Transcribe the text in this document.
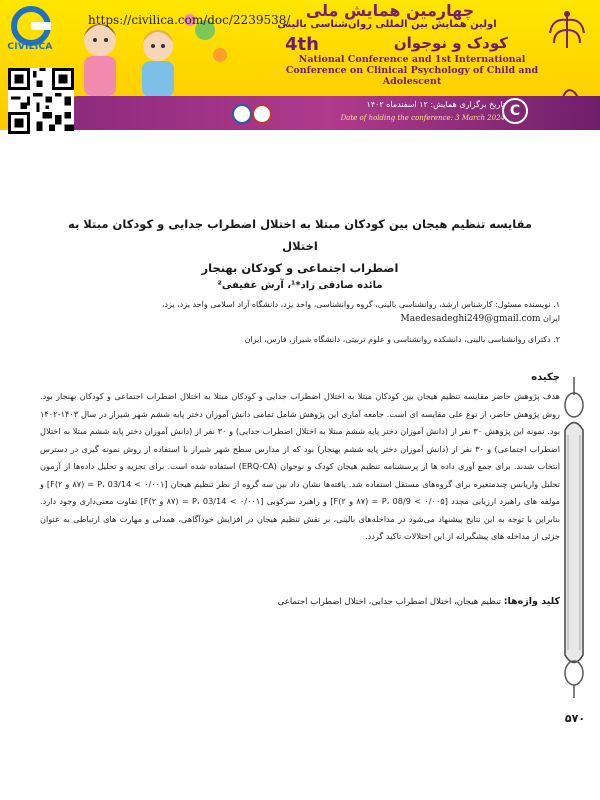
https://civilica.com/doc/2239538/ چهارمین همایش ملی
اولین همایش بین المللی روان‌شناسی بالینی
4th	کودک و نوجوان
National Conference and 1st International
Conference on Clinical Psychology of Child and
Adolescent
تاریخ برگزاری همایش: ۱۲ اسفندماه ۱۴۰۲
Date of holding the conference: 3 March 2024 C
CIVILICA
مقایسه تنظیم هیجان بین کودکان مبتلا به اختلال اضطراب جدایی و کودکان مبتلا به اختلال
اضطراب اجتماعی و کودکان بهنجار
مائده صادقی زاد*¹، آرش عفیفی²
۱. نویسنده مسئول: کارشناس ارشد، روانشناسی بالینی، گروه روانشناسی، واحد یزد، دانشگاه آزاد اسلامی واحد یزد، یزد،
ایران Maedesadeghi249@gmail.com
۲. دکترای روانشناسی بالینی، دانشکده روانشناسی و علوم تربیتی، دانشگاه شیراز، فارس، ایران
چکیده
هدف پژوهش حاضر مقایسه تنظیم هیجان بین کودکان مبتلا به اختلال اضطراب جدایی و کودکان مبتلا به اختلال اضطراب اجتماعی و کودکان بهنجار بود. روش پژوهش حاضر، از نوع علی مقایسه ای است. جامعه آماری این پژوهش شامل تمامی دانش آموزان دختر پایه ششم شهر شیراز در سال ۱۴۰۳-۱۴۰۲ بود. نمونه این پژوهش ۳۰ نفر از (دانش آموزان دختر پایه ششم مبتلا به اختلال اضطراب جدایی) و ۳۰ نفر از (دانش آموزان دختر پایه ششم مبتلا به اختلال اضطراب اجتماعی) و ۳۰ نفر از (دانش آموزان دختر پایه ششم بهنجار) بود که از مدارس سطح شهر شیراز با استفاده از روش نمونه گیری در دسترس انتخاب شدند. برای جمع آوری داده ها از پرسشنامه تنظیم هیجان کودک و نوجوان (ERQ-CA) استفاده شده است. برای تجزیه و تحلیل داده‌ها از آزمون تحلیل واریانس چندمتغیره برای گروه‌های مستقل استفاده شد. یافته‌ها نشان داد بین سه گروه از نظر تنظیم هیجان [۰/۰۰۱ > P، 03/14 = (۸۷ و ۲)F] و مولفه های راهبرد ارزیابی مجدد [۰/۰۰۵ > P، 08/9 = (۸۷ و ۲)F] و راهبرد سرکوبی [۰/۰۰۱ > P، 03/14 = (۸۷ و ۲)F] تفاوت معنی‌داری وجود دارد. بنابراین با توجه به این نتایج پیشنهاد می‌شود در مداخله‌های بالینی، بر نقش تنظیم هیجان در افزایش خودآگاهی، همدلی و مهارت های ارتباطی به عنوان جزئی از مداخله های پیشگیرانه از این اختلالات تاکید گردد.
کلید واژه‌ها: تنظیم هیجان، اختلال اضطراب جدایی، اختلال اضطراب اجتماعی
۵۷۰
